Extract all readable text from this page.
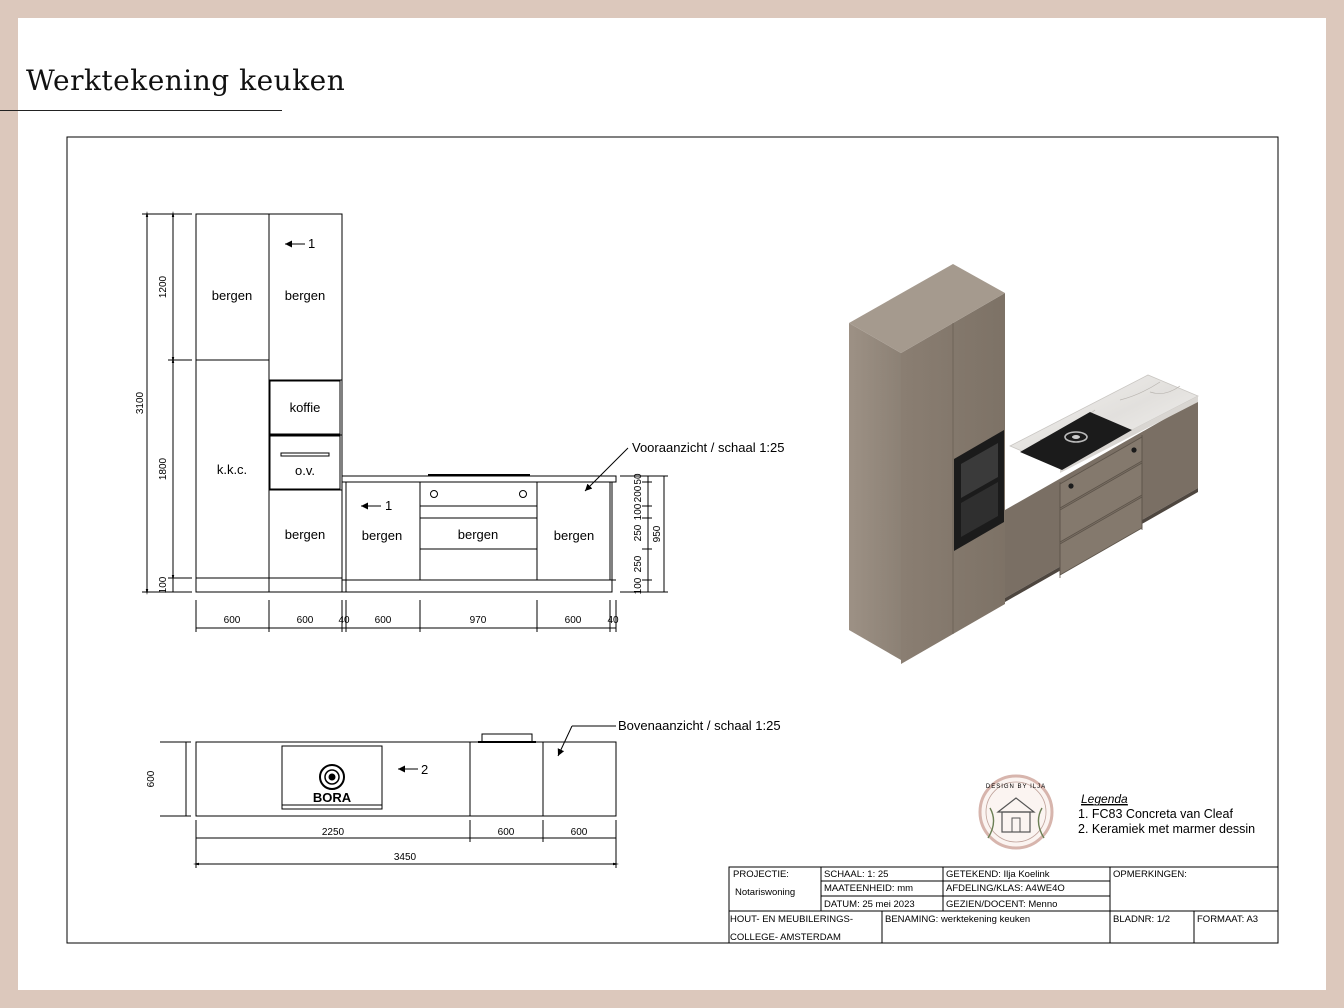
Werktekening keuken
bergen	bergen
koffie
k.k.c.	o.v.
bergen	bergen	bergen	bergen
1
1
Vooraanzicht / schaal 1:25
3100
1200
1800
100
600	600	40	600	970	600	40
950
50
200
100
250
250
100
BORA
2
Bovenaanzicht / schaal 1:25
600
2250	600	600
3450
DESIGN BY ILJA
Legenda
1. FC83 Concreta van Cleaf
2. Keramiek met marmer dessin
PROJECTIE:
Notariswoning
SCHAAL: 1: 25
MAATEENHEID: mm
DATUM: 25 mei 2023
GETEKEND: Ilja Koelink
AFDELING/KLAS: A4WE4O
GEZIEN/DOCENT: Menno
OPMERKINGEN:
HOUT- EN MEUBILERINGS-
COLLEGE- AMSTERDAM
BENAMING: werktekening keuken	BLADNR: 1/2	FORMAAT: A3
